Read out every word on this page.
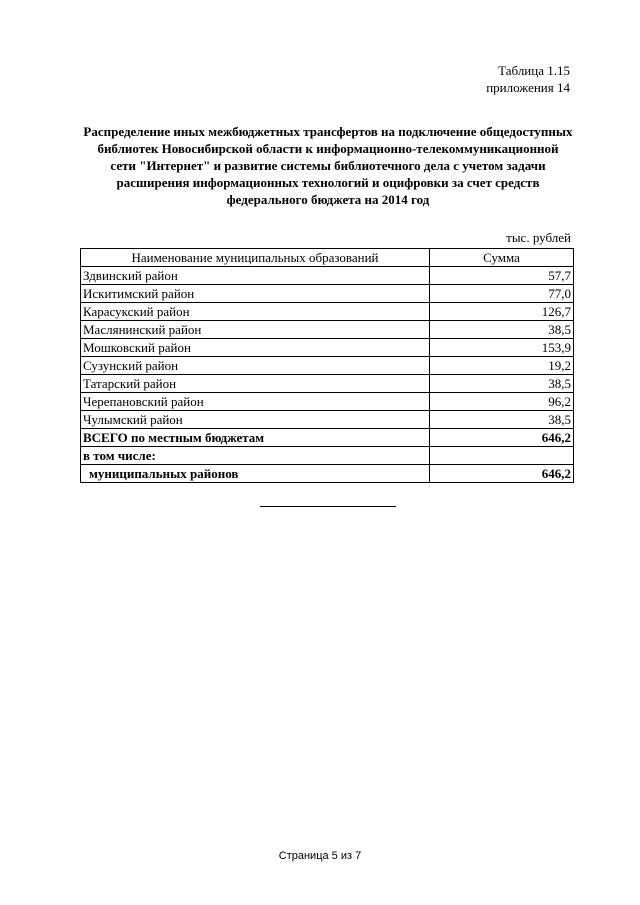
Таблица 1.15
приложения 14
Распределение иных межбюджетных трансфертов на подключение общедоступных
библиотек Новосибирской области к информационно-телекоммуникационной
сети "Интернет" и развитие системы библиотечного дела с учетом задачи
расширения информационных технологий и оцифровки за счет средств
федерального бюджета на 2014 год
тыс. рублей
Наименование муниципальных образований	Сумма
Здвинский район	57,7
Искитимский район	77,0
Карасукский район	126,7
Маслянинский район	38,5
Мошковский район	153,9
Сузунский район	19,2
Татарский район	38,5
Черепановский район	96,2
Чулымский район	38,5
ВСЕГО по местным бюджетам	646,2
в том числе:	
муниципальных районов	646,2
Страница 5 из 7
